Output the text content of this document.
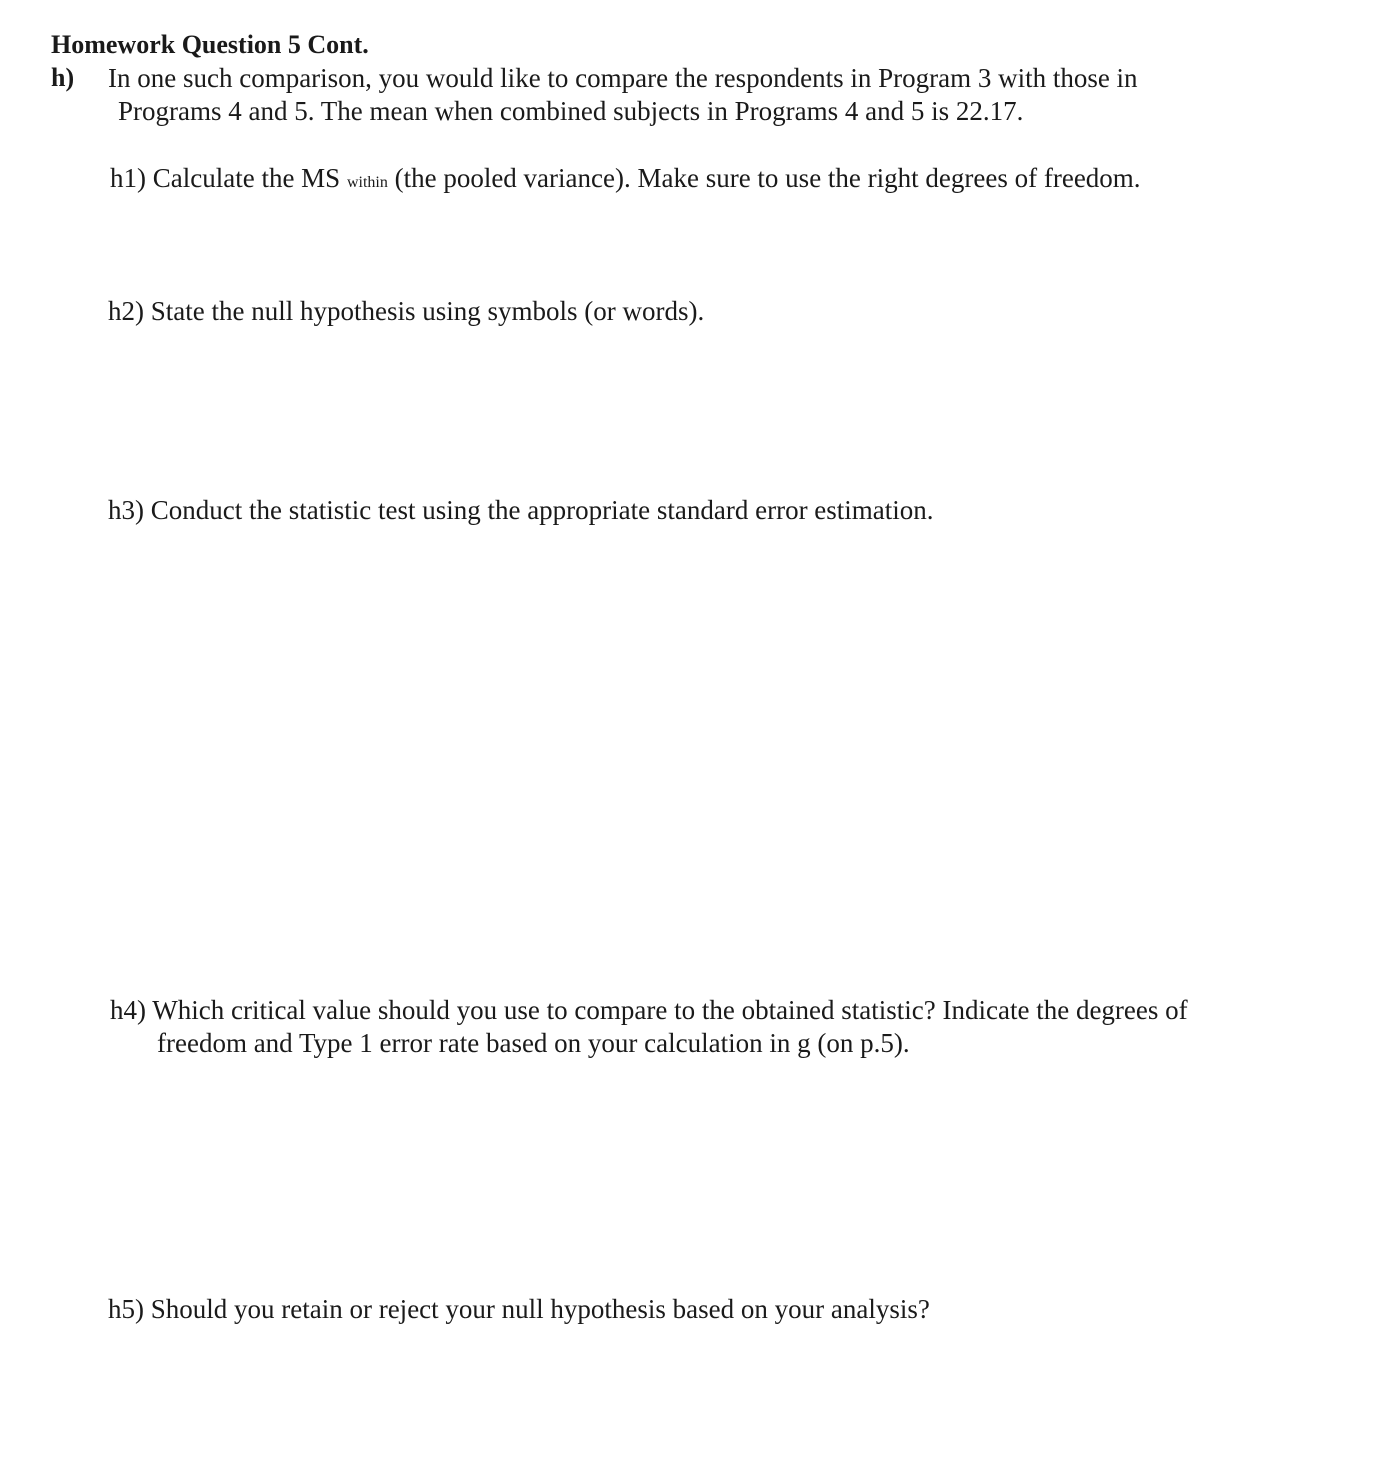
Homework Question 5 Cont.
h) In one such comparison, you would like to compare the respondents in Program 3 with those in
Programs 4 and 5. The mean when combined subjects in Programs 4 and 5 is 22.17.
h1) Calculate the MS within (the pooled variance). Make sure to use the right degrees of freedom.
h2) State the null hypothesis using symbols (or words).
h3) Conduct the statistic test using the appropriate standard error estimation.
h4) Which critical value should you use to compare to the obtained statistic? Indicate the degrees of
freedom and Type 1 error rate based on your calculation in g (on p.5).
h5) Should you retain or reject your null hypothesis based on your analysis?
